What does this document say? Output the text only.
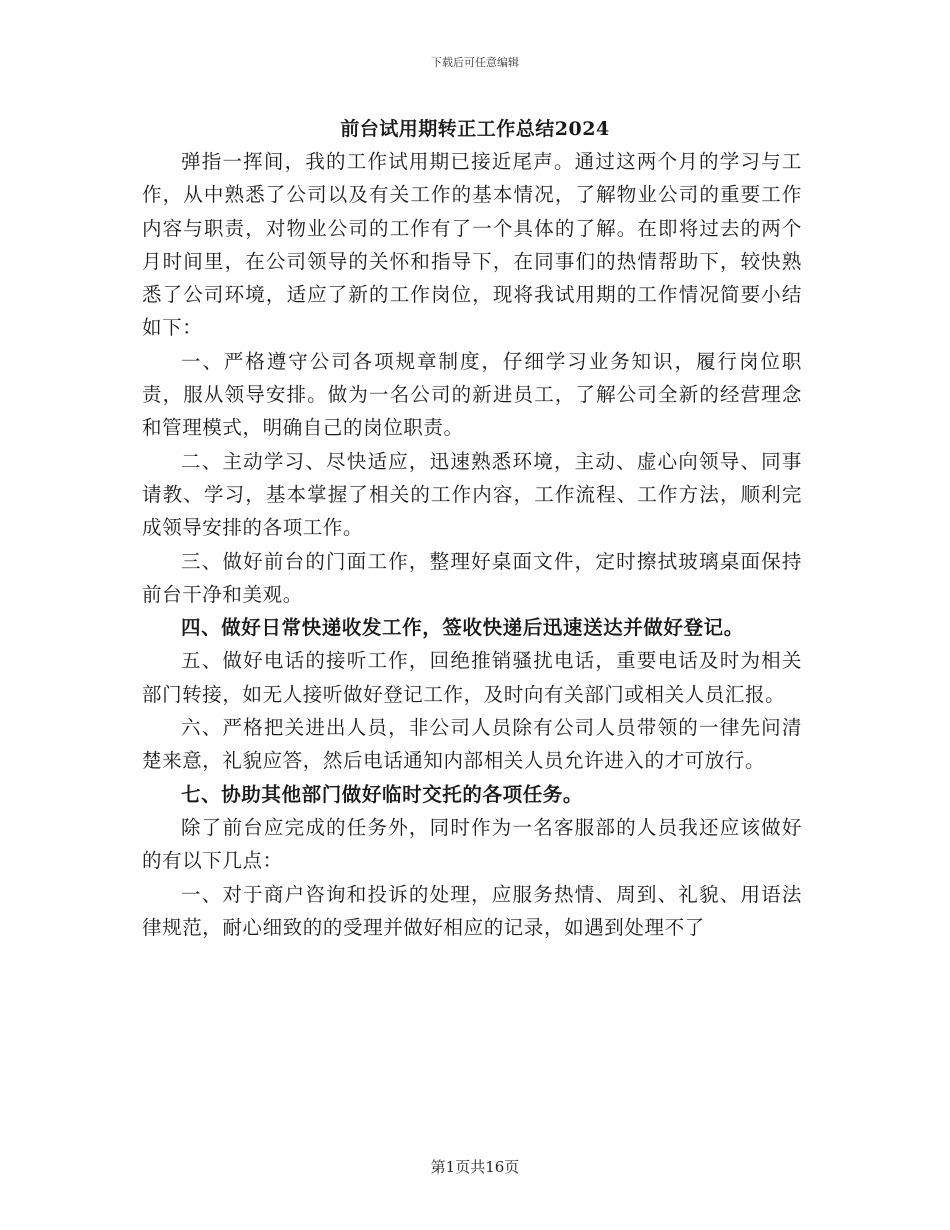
下载后可任意编辑
前台试用期转正工作总结2024

弹指一挥间，我的工作试用期已接近尾声。通过这两个月的学习与工作，从中熟悉了公司以及有关工作的基本情况，了解物业公司的重要工作内容与职责，对物业公司的工作有了一个具体的了解。在即将过去的两个月时间里，在公司领导的关怀和指导下，在同事们的热情帮助下，较快熟悉了公司环境，适应了新的工作岗位，现将我试用期的工作情况简要小结如下：

一、严格遵守公司各项规章制度，仔细学习业务知识，履行岗位职责，服从领导安排。做为一名公司的新进员工，了解公司全新的经营理念和管理模式，明确自己的岗位职责。

二、主动学习、尽快适应，迅速熟悉环境，主动、虚心向领导、同事请教、学习，基本掌握了相关的工作内容，工作流程、工作方法，顺利完成领导安排的各项工作。

三、做好前台的门面工作，整理好桌面文件，定时擦拭玻璃桌面保持前台干净和美观。

四、做好日常快递收发工作，签收快递后迅速送达并做好登记。

五、做好电话的接听工作，回绝推销骚扰电话，重要电话及时为相关部门转接，如无人接听做好登记工作，及时向有关部门或相关人员汇报。

六、严格把关进出人员，非公司人员除有公司人员带领的一律先问清楚来意，礼貌应答，然后电话通知内部相关人员允许进入的才可放行。

七、协助其他部门做好临时交托的各项任务。

除了前台应完成的任务外，同时作为一名客服部的人员我还应该做好的有以下几点：

一、对于商户咨询和投诉的处理，应服务热情、周到、礼貌、用语法律规范，耐心细致的的受理并做好相应的记录，如遇到处理不了

第1页共16页
